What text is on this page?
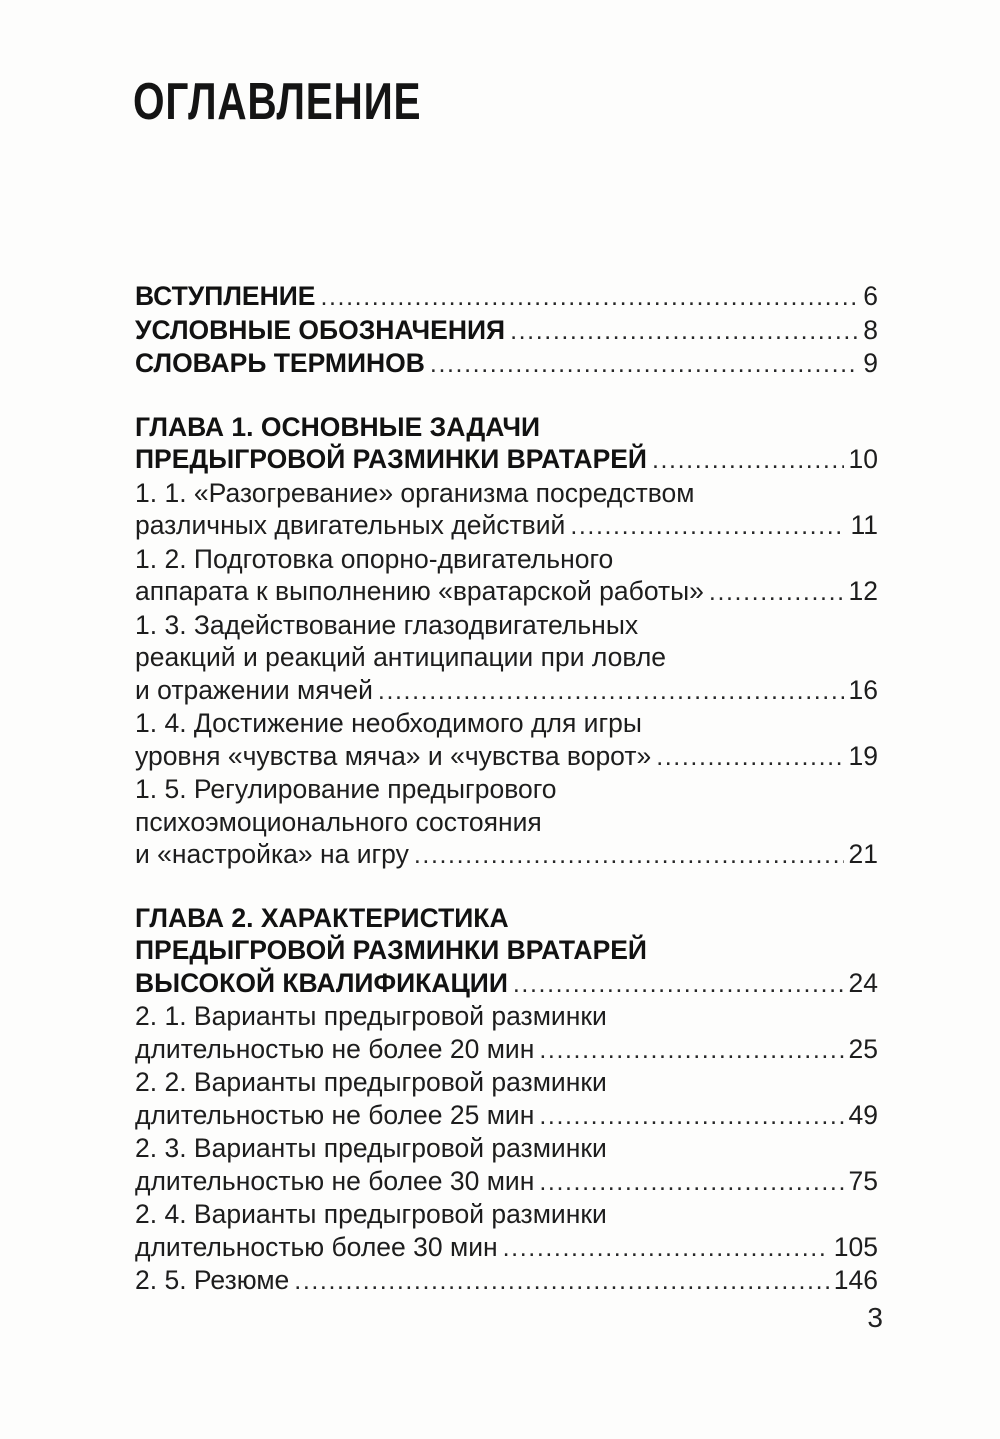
ОГЛАВЛЕНИЕ
ВСТУПЛЕНИЕ .....	6
УСЛОВНЫЕ ОБОЗНАЧЕНИЯ .....	8
СЛОВАРЬ ТЕРМИНОВ .....	9
ГЛАВА 1. ОСНОВНЫЕ ЗАДАЧИ
ПРЕДЫГРОВОЙ РАЗМИНКИ ВРАТАРЕЙ .....	10
1. 1. «Разогревание» организма посредством
различных двигательных действий .....	11
1. 2. Подготовка опорно-двигательного
аппарата к выполнению «вратарской работы» .....	12
1. 3. Задействование глазодвигательных
реакций и реакций антиципации при ловле
и отражении мячей .....	16
1. 4. Достижение необходимого для игры
уровня «чувства мяча» и «чувства ворот» .....	19
1. 5. Регулирование предыгрового
психоэмоционального состояния
и «настройка» на игру .....	21
ГЛАВА 2. ХАРАКТЕРИСТИКА
ПРЕДЫГРОВОЙ РАЗМИНКИ ВРАТАРЕЙ
ВЫСОКОЙ КВАЛИФИКАЦИИ .....	24
2. 1. Варианты предыгровой разминки
длительностью не более 20 мин .....	25
2. 2. Варианты предыгровой разминки
длительностью не более 25 мин .....	49
2. 3. Варианты предыгровой разминки
длительностью не более 30 мин .....	75
2. 4. Варианты предыгровой разминки
длительностью более 30 мин .....	105
2. 5. Резюме .....	146
3
